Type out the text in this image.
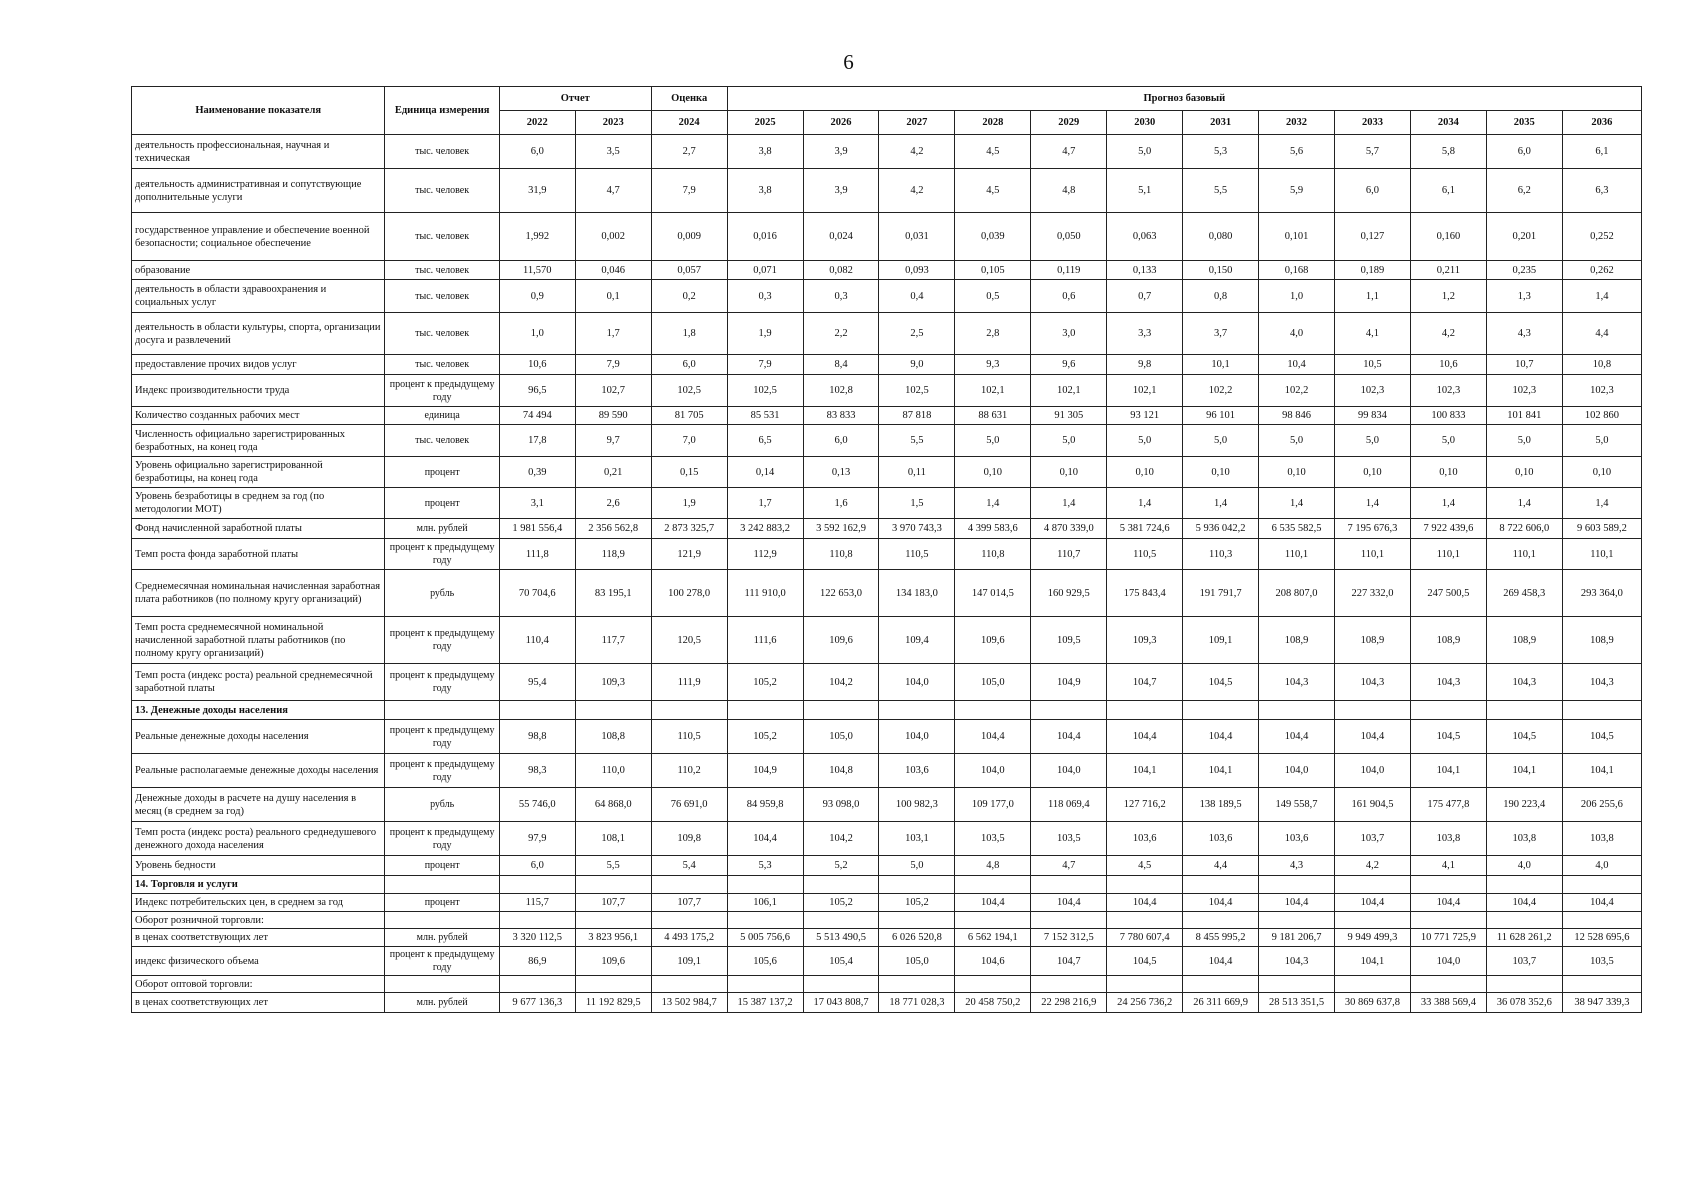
6
Наименование показателя	Единица измерения	Отчет		Оценка	Прогноз базовый											
		2022	2023	2024	2025	2026	2027	2028	2029	2030	2031	2032	2033	2034	2035	2036
деятельность профессиональная, научная и техническая	тыс. человек	6,0	3,5	2,7	3,8	3,9	4,2	4,5	4,7	5,0	5,3	5,6	5,7	5,8	6,0	6,1
деятельность административная и сопутствующие дополнительные услуги	тыс. человек	31,9	4,7	7,9	3,8	3,9	4,2	4,5	4,8	5,1	5,5	5,9	6,0	6,1	6,2	6,3
государственное управление и обеспечение военной безопасности; социальное обеспечение	тыс. человек	1,992	0,002	0,009	0,016	0,024	0,031	0,039	0,050	0,063	0,080	0,101	0,127	0,160	0,201	0,252
образование	тыс. человек	11,570	0,046	0,057	0,071	0,082	0,093	0,105	0,119	0,133	0,150	0,168	0,189	0,211	0,235	0,262
деятельность в области здравоохранения и социальных услуг	тыс. человек	0,9	0,1	0,2	0,3	0,3	0,4	0,5	0,6	0,7	0,8	1,0	1,1	1,2	1,3	1,4
деятельность в области культуры, спорта, организации досуга и развлечений	тыс. человек	1,0	1,7	1,8	1,9	2,2	2,5	2,8	3,0	3,3	3,7	4,0	4,1	4,2	4,3	4,4
предоставление прочих видов услуг	тыс. человек	10,6	7,9	6,0	7,9	8,4	9,0	9,3	9,6	9,8	10,1	10,4	10,5	10,6	10,7	10,8
Индекс производительности труда	процент к предыдущему году	96,5	102,7	102,5	102,5	102,8	102,5	102,1	102,1	102,1	102,2	102,2	102,3	102,3	102,3	102,3
Количество созданных рабочих мест	единица	74 494	89 590	81 705	85 531	83 833	87 818	88 631	91 305	93 121	96 101	98 846	99 834	100 833	101 841	102 860
Численность официально зарегистрированных безработных, на конец года	тыс. человек	17,8	9,7	7,0	6,5	6,0	5,5	5,0	5,0	5,0	5,0	5,0	5,0	5,0	5,0	5,0
Уровень официально зарегистрированной безработицы, на конец года	процент	0,39	0,21	0,15	0,14	0,13	0,11	0,10	0,10	0,10	0,10	0,10	0,10	0,10	0,10	0,10
Уровень безработицы в среднем за год (по методологии МОТ)	процент	3,1	2,6	1,9	1,7	1,6	1,5	1,4	1,4	1,4	1,4	1,4	1,4	1,4	1,4	1,4
Фонд начисленной заработной платы	млн. рублей	1 981 556,4	2 356 562,8	2 873 325,7	3 242 883,2	3 592 162,9	3 970 743,3	4 399 583,6	4 870 339,0	5 381 724,6	5 936 042,2	6 535 582,5	7 195 676,3	7 922 439,6	8 722 606,0	9 603 589,2
Темп роста фонда заработной платы	процент к предыдущему году	111,8	118,9	121,9	112,9	110,8	110,5	110,8	110,7	110,5	110,3	110,1	110,1	110,1	110,1	110,1
Среднемесячная номинальная начисленная заработная плата работников (по полному кругу организаций)	рубль	70 704,6	83 195,1	100 278,0	111 910,0	122 653,0	134 183,0	147 014,5	160 929,5	175 843,4	191 791,7	208 807,0	227 332,0	247 500,5	269 458,3	293 364,0
Темп роста среднемесячной номинальной начисленной заработной платы работников (по полному кругу организаций)	процент к предыдущему году	110,4	117,7	120,5	111,6	109,6	109,4	109,6	109,5	109,3	109,1	108,9	108,9	108,9	108,9	108,9
Темп роста (индекс роста) реальной среднемесячной заработной платы	процент к предыдущему году	95,4	109,3	111,9	105,2	104,2	104,0	105,0	104,9	104,7	104,5	104,3	104,3	104,3	104,3	104,3
13. Денежные доходы населения																
Реальные денежные доходы населения	процент к предыдущему году	98,8	108,8	110,5	105,2	105,0	104,0	104,4	104,4	104,4	104,4	104,4	104,4	104,5	104,5	104,5
Реальные располагаемые денежные доходы населения	процент к предыдущему году	98,3	110,0	110,2	104,9	104,8	103,6	104,0	104,0	104,1	104,1	104,0	104,0	104,1	104,1	104,1
Денежные доходы в расчете на душу населения в месяц (в среднем за год)	рубль	55 746,0	64 868,0	76 691,0	84 959,8	93 098,0	100 982,3	109 177,0	118 069,4	127 716,2	138 189,5	149 558,7	161 904,5	175 477,8	190 223,4	206 255,6
Темп роста (индекс роста) реального среднедушевого денежного дохода населения	процент к предыдущему году	97,9	108,1	109,8	104,4	104,2	103,1	103,5	103,5	103,6	103,6	103,6	103,7	103,8	103,8	103,8
Уровень бедности	процент	6,0	5,5	5,4	5,3	5,2	5,0	4,8	4,7	4,5	4,4	4,3	4,2	4,1	4,0	4,0
14. Торговля и услуги																
Индекс потребительских цен, в среднем за год	процент	115,7	107,7	107,7	106,1	105,2	105,2	104,4	104,4	104,4	104,4	104,4	104,4	104,4	104,4	104,4
Оборот розничной торговли:																
в ценах соответствующих лет	млн. рублей	3 320 112,5	3 823 956,1	4 493 175,2	5 005 756,6	5 513 490,5	6 026 520,8	6 562 194,1	7 152 312,5	7 780 607,4	8 455 995,2	9 181 206,7	9 949 499,3	10 771 725,9	11 628 261,2	12 528 695,6
индекс физического объема	процент к предыдущему году	86,9	109,6	109,1	105,6	105,4	105,0	104,6	104,7	104,5	104,4	104,3	104,1	104,0	103,7	103,5
Оборот оптовой торговли:																
в ценах соответствующих лет	млн. рублей	9 677 136,3	11 192 829,5	13 502 984,7	15 387 137,2	17 043 808,7	18 771 028,3	20 458 750,2	22 298 216,9	24 256 736,2	26 311 669,9	28 513 351,5	30 869 637,8	33 388 569,4	36 078 352,6	38 947 339,3
